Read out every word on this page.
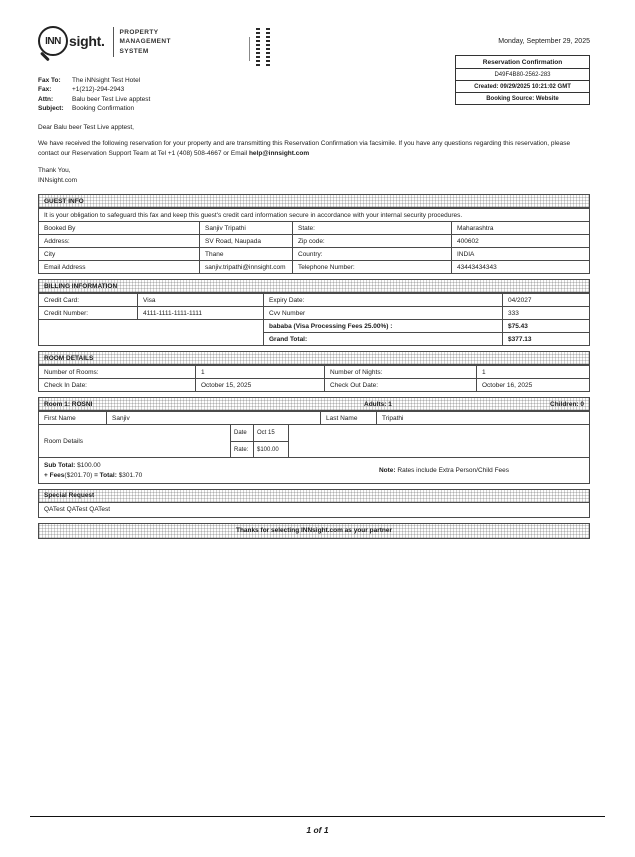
INN sight.
PROPERTY
MANAGEMENT
SYSTEM
Monday, September 29, 2025
Fax To:	The iNNsight Test Hotel
Fax:	+1(212)-294-2943
Attn:	Balu beer Test Live apptest
Subject:	Booking Confirmation
Reservation Confirmation
D49F4B80-2562-283
Created: 09/29/2025 10:21:02 GMT
Booking Source: Website

Dear Balu beer Test Live apptest,

We have received the following reservation for your property and are transmitting this Reservation Confirmation via facsimile. If you have any questions regarding this reservation, please contact our Reservation Support Team at Tel +1 (408) 508-4667 or Email help@innsight.com

Thank You,

INNsight.com

GUEST INFO
It is your obligation to safeguard this fax and keep this guest's credit card information secure in accordance with your internal security procedures.
Booked By	Sanjiv Tripathi	State:	Maharashtra
Address:	SV Road, Naupada	Zip code:	400602
City	Thane	Country:	INDIA
Email Address	sanjiv.tripathi@innsight.com	Telephone Number:	43443434343
BILLING INFORMATION
Credit Card:	Visa	Expiry Date:	04/2027
Credit Number:	4111-1111-1111-1111	Cvv Number	333
bababa (Visa Processing Fees 25.00%) :	$75.43
Grand Total:	$377.13
ROOM DETAILS
Number of Rooms:	1	Number of Nights:	1
Check In Date:	October 15, 2025	Check Out Date:	October 16, 2025
Room 1: ROSNI	Adults: 1	Children: 0
First Name	Sanjiv	Last Name	Tripathi
Room Details
Date	Oct 15
Rate:	$100.00
Sub Total: $100.00
+ Fees($201.70) = Total: $301.70
Note: Rates include Extra Person/Child Fees
Special Request
QATest QATest QATest
Thanks for selecting INNsight.com as your partner
1 of 1
